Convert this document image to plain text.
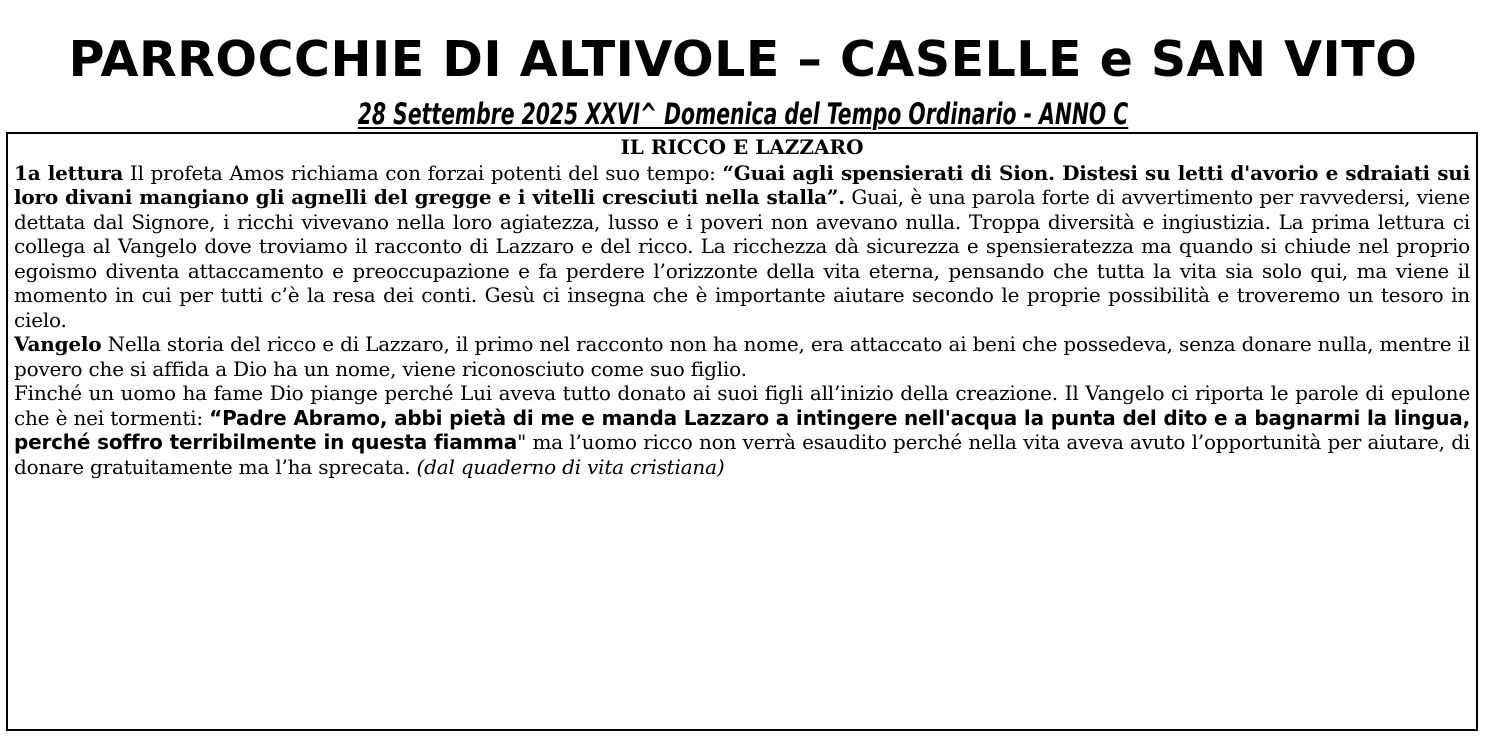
PARROCCHIE DI ALTIVOLE – CASELLE e SAN VITO
28 Settembre 2025 XXVI^ Domenica del Tempo Ordinario - ANNO C
IL RICCO E LAZZARO

1a lettura Il profeta Amos richiama con forzai potenti del suo tempo: “Guai agli spensierati di Sion. Distesi su letti d'avorio e sdraiati sui loro divani mangiano gli agnelli del gregge e i vitelli cresciuti nella stalla”. Guai, è una parola forte di avvertimento per ravvedersi, viene dettata dal Signore, i ricchi vivevano nella loro agiatezza, lusso e i poveri non avevano nulla. Troppa diversità e ingiustizia. La prima lettura ci collega al Vangelo dove troviamo il racconto di Lazzaro e del ricco. La ricchezza dà sicurezza e spensieratezza ma quando si chiude nel proprio egoismo diventa attaccamento e preoccupazione e fa perdere l’orizzonte della vita eterna, pensando che tutta la vita sia solo qui, ma viene il momento in cui per tutti c’è la resa dei conti. Gesù ci insegna che è importante aiutare secondo le proprie possibilità e troveremo un tesoro in cielo.

Vangelo Nella storia del ricco e di Lazzaro, il primo nel racconto non ha nome, era attaccato ai beni che possedeva, senza donare nulla, mentre il povero che si affida a Dio ha un nome, viene riconosciuto come suo figlio.

Finché un uomo ha fame Dio piange perché Lui aveva tutto donato ai suoi figli all’inizio della creazione. Il Vangelo ci riporta le parole di epulone che è nei tormenti: “Padre Abramo, abbi pietà di me e manda Lazzaro a intingere nell'acqua la punta del dito e a bagnarmi la lingua, perché soffro terribilmente in questa fiamma" ma l’uomo ricco non verrà esaudito perché nella vita aveva avuto l’opportunità per aiutare, di donare gratuitamente ma l’ha sprecata. (dal quaderno di vita cristiana)
